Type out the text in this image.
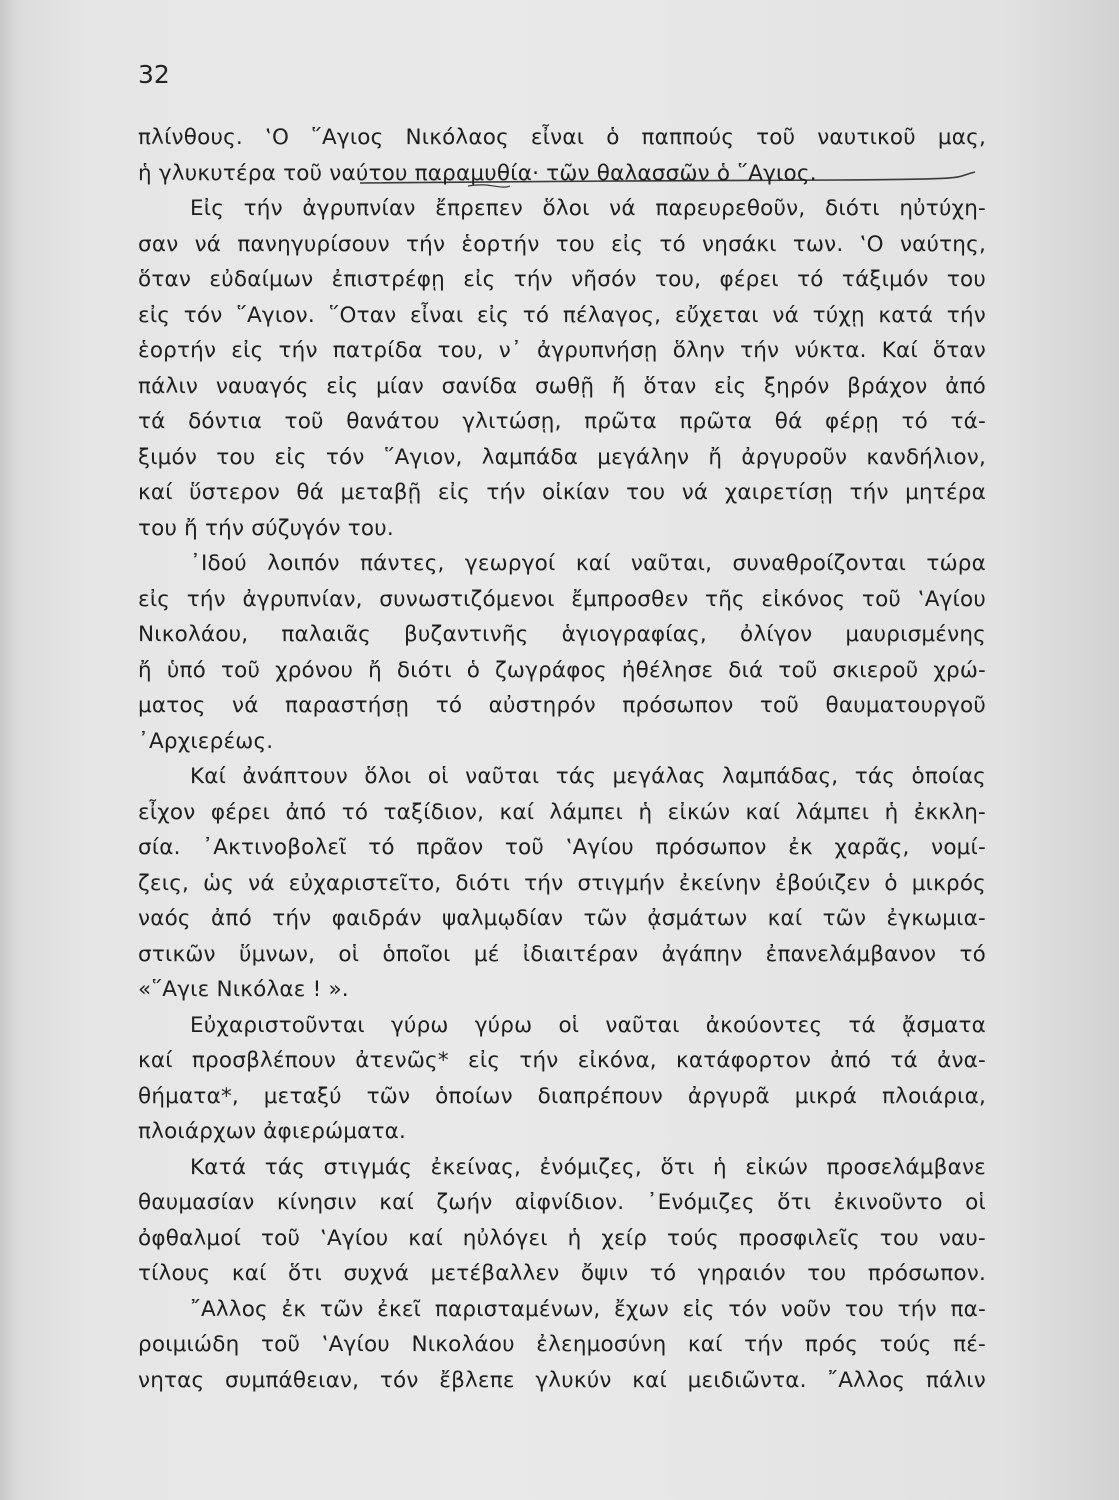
32
πλίνθους. ‛Ο ῞Αγιος Νικόλαος εἶναι ὁ παππούς τοῦ ναυτικοῦ μας,
ἡ γλυκυτέρα τοῦ ναύτου παραμυθία· τῶν θαλασσῶν ὁ ῞Αγιος.
Εἰς τήν ἀγρυπνίαν ἔπρεπεν ὅλοι νά παρευρεθοῦν, διότι ηὐτύχη-
σαν νά πανηγυρίσουν τήν ἑορτήν του εἰς τό νησάκι των. ‛Ο ναύτης,
ὅταν εὐδαίμων ἐπιστρέφῃ εἰς τήν νῆσόν του, φέρει τό τάξιμόν του
εἰς τόν ῞Αγιον. ῞Οταν εἶναι εἰς τό πέλαγος, εὔχεται νά τύχῃ κατά τήν
ἑορτήν εἰς τήν πατρίδα του, ν᾿ ἀγρυπνήσῃ ὅλην τήν νύκτα. Καί ὅταν
πάλιν ναυαγός εἰς μίαν σανίδα σωθῇ ἤ ὅταν εἰς ξηρόν βράχον ἀπό
τά δόντια τοῦ θανάτου γλιτώσῃ, πρῶτα πρῶτα θά φέρῃ τό τά-
ξιμόν του εἰς τόν ῞Αγιον, λαμπάδα μεγάλην ἤ ἀργυροῦν κανδήλιον,
καί ὕστερον θά μεταβῇ εἰς τήν οἰκίαν του νά χαιρετίσῃ τήν μητέρα
του ἤ τήν σύζυγόν του.
᾿Ιδού λοιπόν πάντες, γεωργοί καί ναῦται, συναθροίζονται τώρα
εἰς τήν ἀγρυπνίαν, συνωστιζόμενοι ἔμπροσθεν τῆς εἰκόνος τοῦ ‛Αγίου
Νικολάου, παλαιᾶς βυζαντινῆς ἁγιογραφίας, ὀλίγον μαυρισμένης
ἤ ὑπό τοῦ χρόνου ἤ διότι ὁ ζωγράφος ἠθέλησε διά τοῦ σκιεροῦ χρώ-
ματος νά παραστήσῃ τό αὐστηρόν πρόσωπον τοῦ θαυματουργοῦ
᾿Αρχιερέως.
Καί ἀνάπτουν ὅλοι οἱ ναῦται τάς μεγάλας λαμπάδας, τάς ὁποίας
εἶχον φέρει ἀπό τό ταξίδιον, καί λάμπει ἡ εἰκών καί λάμπει ἡ ἐκκλη-
σία. ᾿Ακτινοβολεῖ τό πρᾶον τοῦ ‛Αγίου πρόσωπον ἐκ χαρᾶς, νομί-
ζεις, ὡς νά εὐχαριστεῖτο, διότι τήν στιγμήν ἐκείνην ἐβούιζεν ὁ μικρός
ναός ἀπό τήν φαιδράν ψαλμῳδίαν τῶν ᾀσμάτων καί τῶν ἐγκωμια-
στικῶν ὕμνων, οἱ ὁποῖοι μέ ἰδιαιτέραν ἀγάπην ἐπανελάμβανον τό
«῞Αγιε Νικόλαε ! ».
Εὐχαριστοῦνται γύρω γύρω οἱ ναῦται ἀκούοντες τά ᾄσματα
καί προσβλέπουν ἀτενῶς* εἰς τήν εἰκόνα, κατάφορτον ἀπό τά ἀνα-
θήματα*, μεταξύ τῶν ὁποίων διαπρέπουν ἀργυρᾶ μικρά πλοιάρια,
πλοιάρχων ἀφιερώματα.
Κατά τάς στιγμάς ἐκείνας, ἐνόμιζες, ὅτι ἡ εἰκών προσελάμβανε
θαυμασίαν κίνησιν καί ζωήν αἰφνίδιον. ᾿Ενόμιζες ὅτι ἐκινοῦντο οἱ
ὀφθαλμοί τοῦ ‛Αγίου καί ηὐλόγει ἡ χείρ τούς προσφιλεῖς του ναυ-
τίλους καί ὅτι συχνά μετέβαλλεν ὄψιν τό γηραιόν του πρόσωπον.
῎Αλλος ἐκ τῶν ἐκεῖ παρισταμένων, ἔχων εἰς τόν νοῦν του τήν πα-
ροιμιώδη τοῦ ‛Αγίου Νικολάου ἐλεημοσύνη καί τήν πρός τούς πέ-
νητας συμπάθειαν, τόν ἔβλεπε γλυκύν καί μειδιῶντα. ῎Αλλος πάλιν
